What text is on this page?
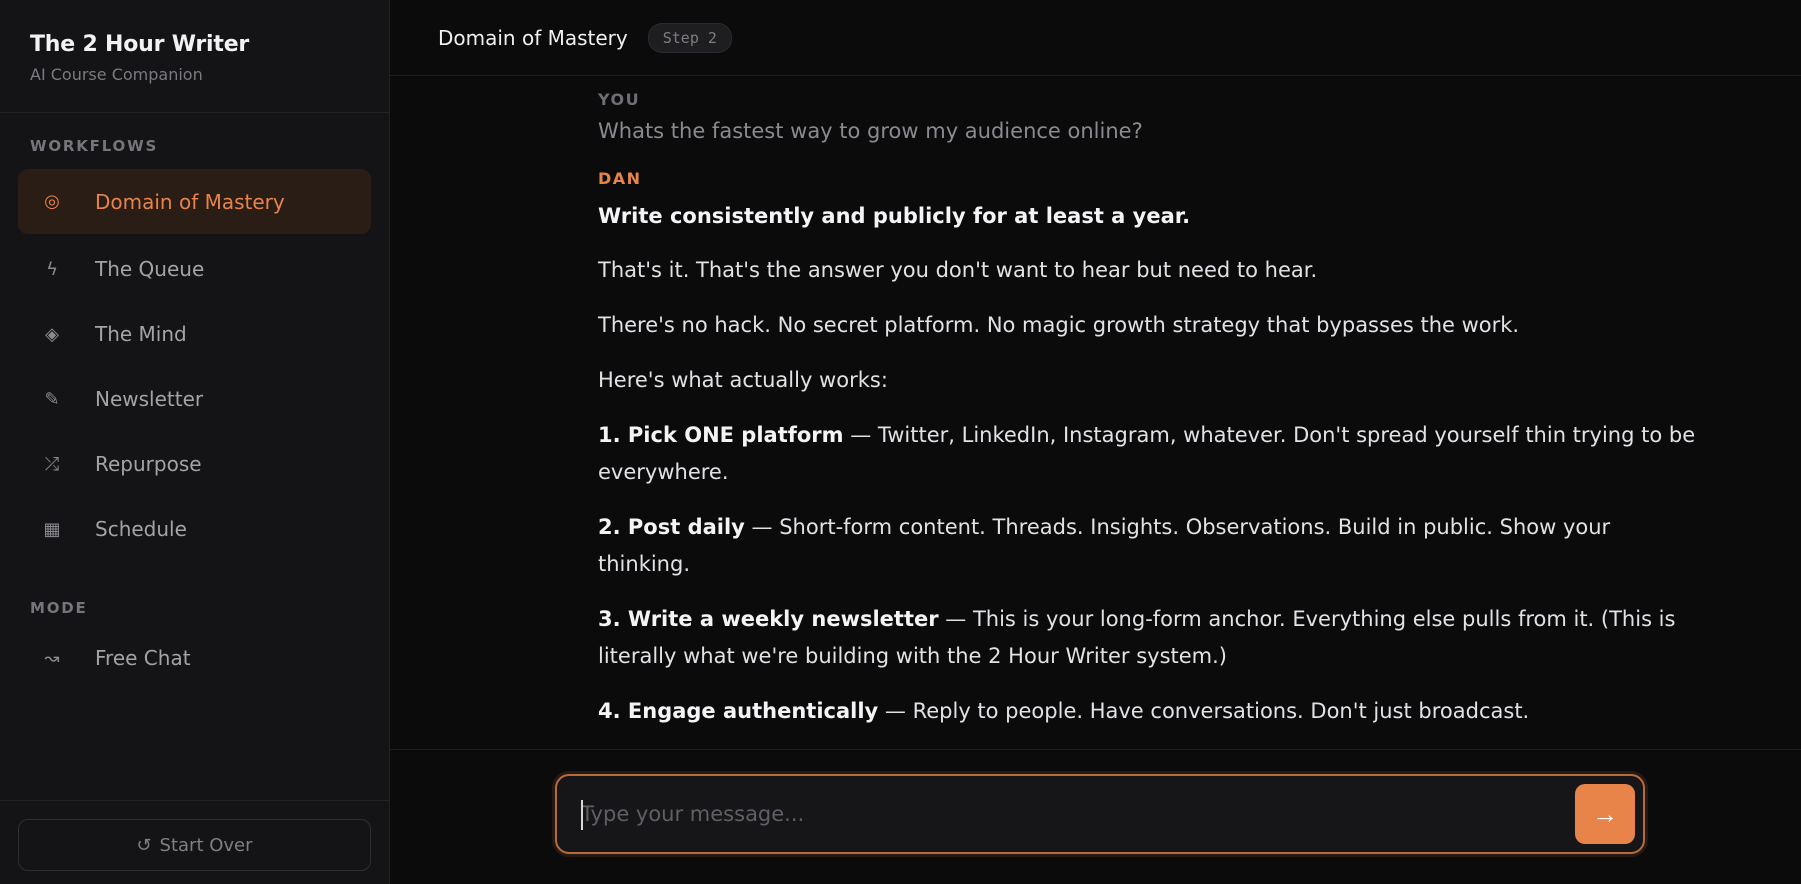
The 2 Hour Writer
AI Course Companion
WORKFLOWS
◎	Domain of Mastery
ϟ	The Queue
◈	The Mind
✎	Newsletter
⤮	Repurpose
▦ Schedule
MODE
↝	Free Chat
↺ Start Over
Domain of Mastery	Step 2
YOU
Whats the fastest way to grow my audience online?
DAN

Write consistently and publicly for at least a year.

That's it. That's the answer you don't want to hear but need to hear.

There's no hack. No secret platform. No magic growth strategy that bypasses the work.

Here's what actually works:

1. Pick ONE platform — Twitter, LinkedIn, Instagram, whatever. Don't spread yourself thin trying to be everywhere.

2. Post daily — Short-form content. Threads. Insights. Observations. Build in public. Show your thinking.

3. Write a weekly newsletter — This is your long-form anchor. Everything else pulls from it. (This is literally what we're building with the 2 Hour Writer system.)

4. Engage authentically — Reply to people. Have conversations. Don't just broadcast.

Type your message...
→
